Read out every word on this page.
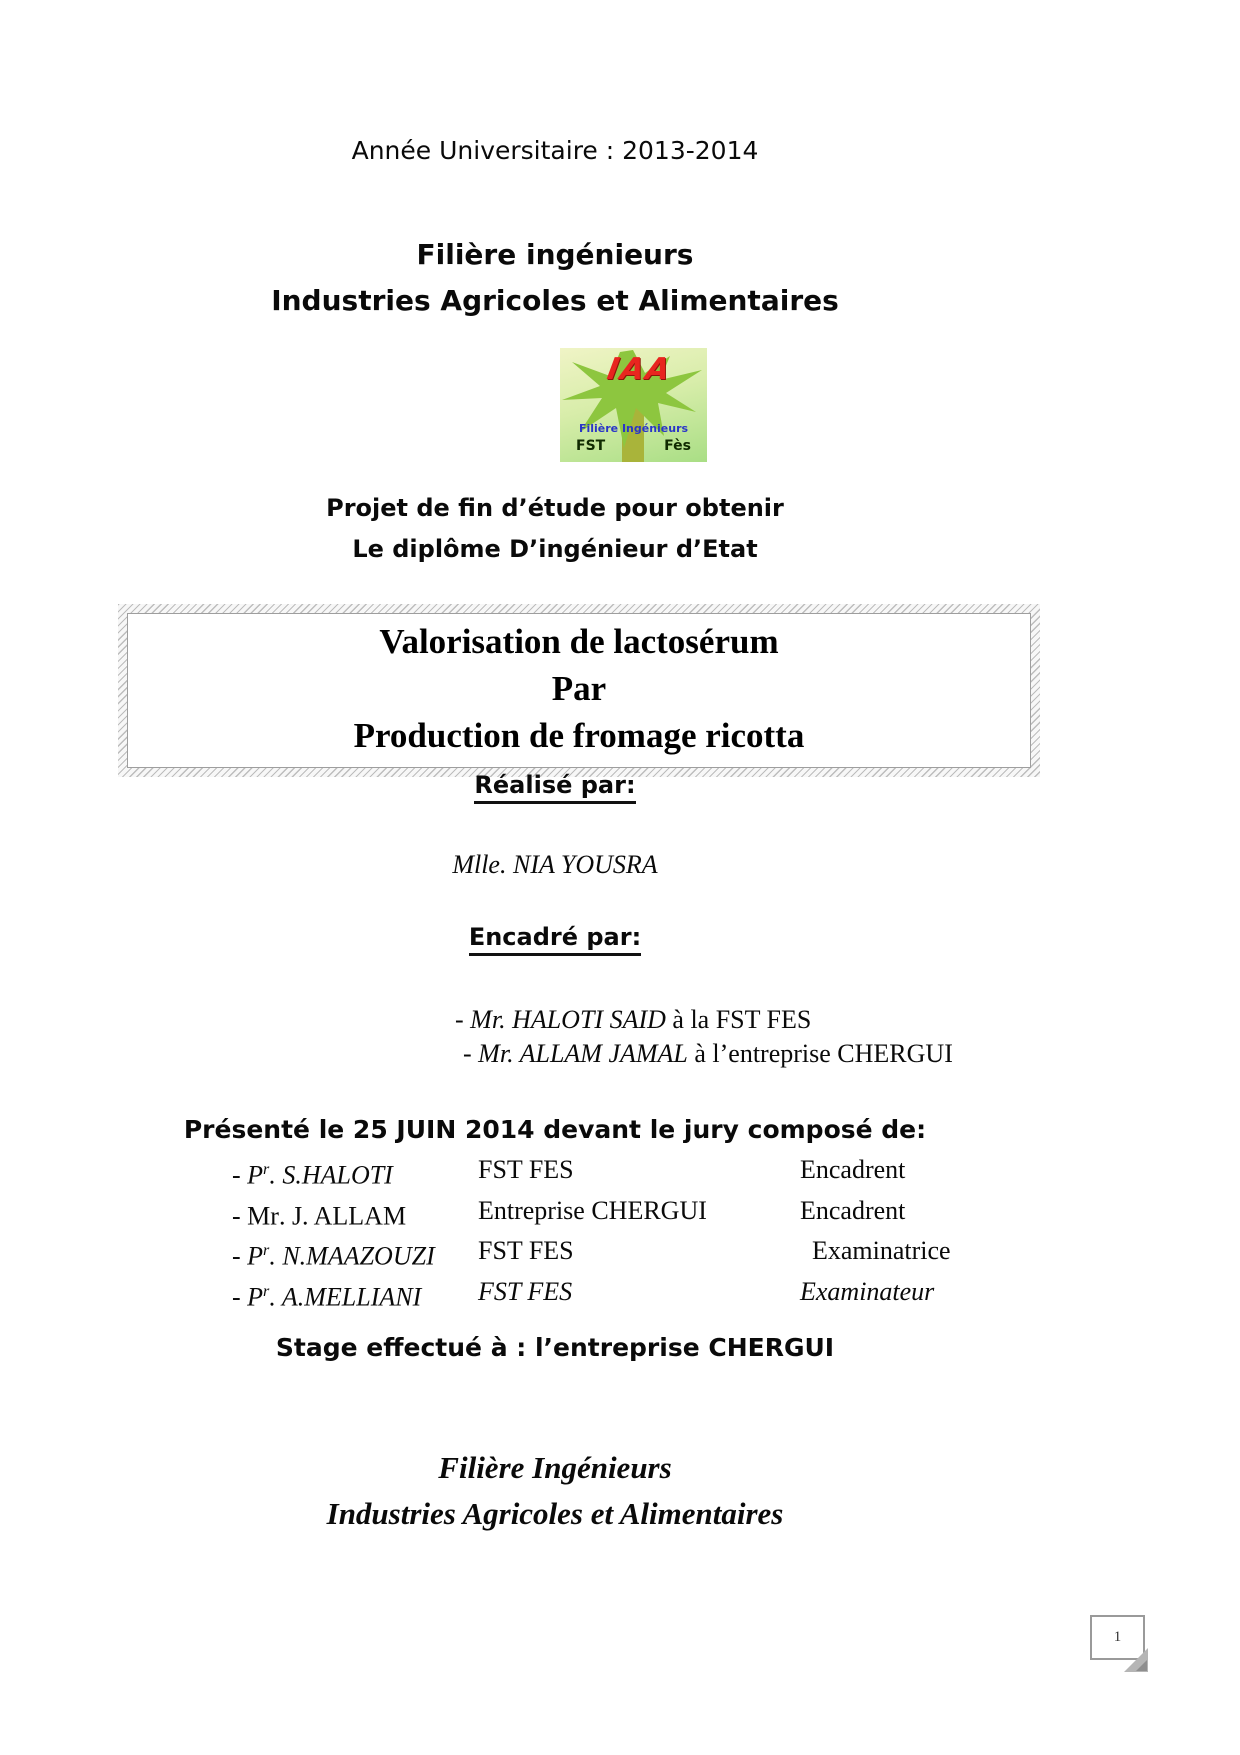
Année Universitaire : 2013-2014
Filière ingénieurs
Industries Agricoles et Alimentaires
IAA
Filière Ingénieurs
FST	Fès
Projet de fin d’étude pour obtenir
Le diplôme D’ingénieur d’Etat
Valorisation de lactosérum
Par
Production de fromage ricotta
Réalisé par:
Mlle. NIA YOUSRA
Encadré par:
- Mr. HALOTI SAID à la FST FES
- Mr. ALLAM JAMAL à l’entreprise CHERGUI
Présenté le 25 JUIN 2014 devant le jury composé de:
- $P^r$. S.HALOTI	FST FES	Encadrent
- Mr. J. ALLAM	Entreprise CHERGUI	Encadrent
- $P^r$. N.MAAZOUZI	FST FES	Examinatrice
- $P^r$. A.MELLIANI	FST FES	Examinateur
Stage effectué à : l’entreprise CHERGUI
Filière Ingénieurs
Industries Agricoles et Alimentaires
1
